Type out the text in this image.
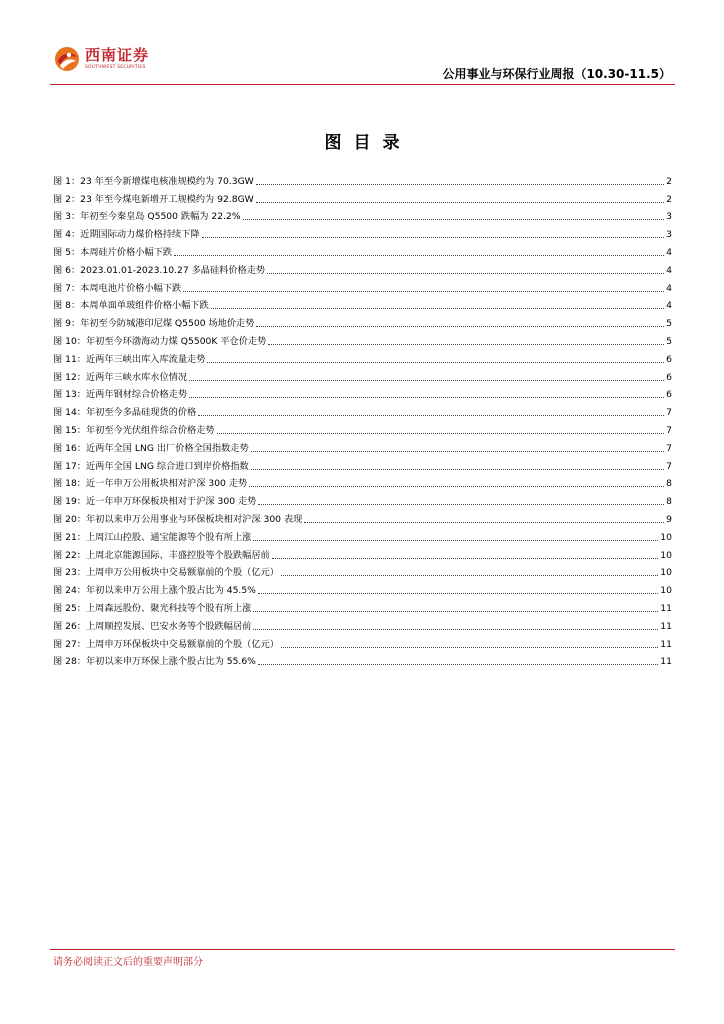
西南证券
SOUTHWEST SECURITIES	公用事业与环保行业周报（10.30-11.5）
图目录
图 1：23 年至今新增煤电核准规模约为 70.3GW	2
图 2：23 年至今煤电新增开工规模约为 92.8GW	2
图 3：年初至今秦皇岛 Q5500 跌幅为 22.2%	3
图 4：近期国际动力煤价格持续下降	3
图 5：本周硅片价格小幅下跌	4
图 6：2023.01.01-2023.10.27 多晶硅料价格走势	4
图 7：本周电池片价格小幅下跌	4
图 8：本周单面单玻组件价格小幅下跌	4
图 9：年初至今防城港印尼煤 Q5500 场地价走势	5
图 10：年初至今环渤海动力煤 Q5500K 平仓价走势	5
图 11：近两年三峡出库入库流量走势	6
图 12：近两年三峡水库水位情况	6
图 13：近两年钢材综合价格走势	6
图 14：年初至今多晶硅现货的价格	7
图 15：年初至今光伏组件综合价格走势	7
图 16：近两年全国 LNG 出厂价格全国指数走势	7
图 17：近两年全国 LNG 综合进口到岸价格指数	7
图 18：近一年申万公用板块相对沪深 300 走势	8
图 19：近一年申万环保板块相对于沪深 300 走势	8
图 20：年初以来申万公用事业与环保板块相对沪深 300 表现	9
图 21：上周江山控股、通宝能源等个股有所上涨	10
图 22：上周北京能源国际、丰盛控股等个股跌幅居前	10
图 23：上周申万公用板块中交易额靠前的个股（亿元）	10
图 24：年初以来申万公用上涨个股占比为 45.5%	10
图 25：上周森远股份、聚光科技等个股有所上涨	11
图 26：上周顺控发展、巴安水务等个股跌幅居前	11
图 27：上周申万环保板块中交易额靠前的个股（亿元）	11
图 28：年初以来申万环保上涨个股占比为 55.6%	11
请务必阅读正文后的重要声明部分
